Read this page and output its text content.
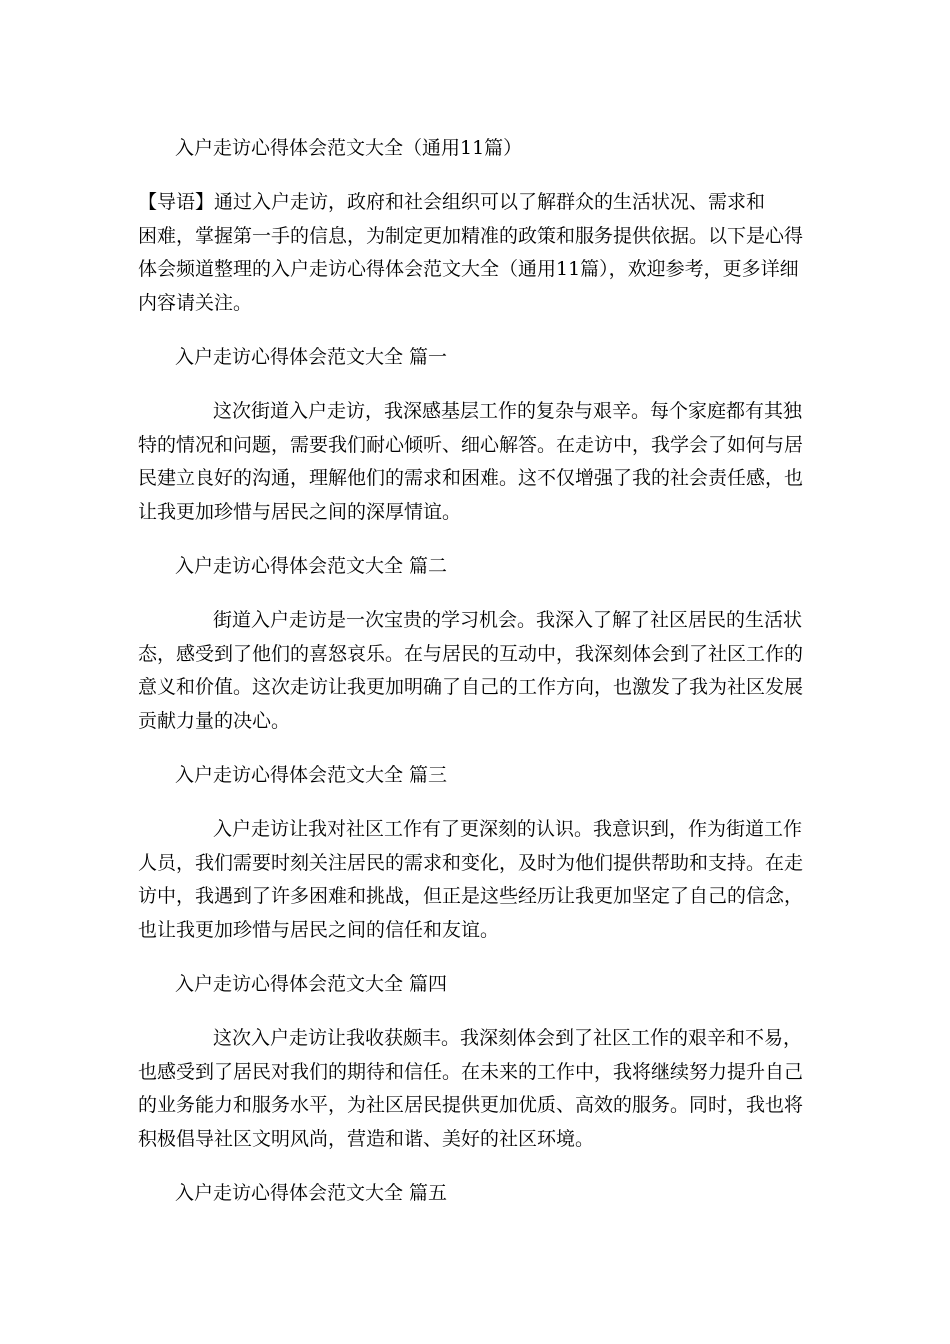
入户走访心得体会范文大全（通用11篇）
【导语】通过入户走访，政府和社会组织可以了解群众的生活状况、需求和
困难，掌握第一手的信息，为制定更加精准的政策和服务提供依据。以下是心得
体会频道整理的入户走访心得体会范文大全（通用11篇），欢迎参考，更多详细
内容请关注。
入户走访心得体会范文大全 篇一
这次街道入户走访，我深感基层工作的复杂与艰辛。每个家庭都有其独
特的情况和问题，需要我们耐心倾听、细心解答。在走访中，我学会了如何与居
民建立良好的沟通，理解他们的需求和困难。这不仅增强了我的社会责任感，也
让我更加珍惜与居民之间的深厚情谊。
入户走访心得体会范文大全 篇二
街道入户走访是一次宝贵的学习机会。我深入了解了社区居民的生活状
态，感受到了他们的喜怒哀乐。在与居民的互动中，我深刻体会到了社区工作的
意义和价值。这次走访让我更加明确了自己的工作方向，也激发了我为社区发展
贡献力量的决心。
入户走访心得体会范文大全 篇三
入户走访让我对社区工作有了更深刻的认识。我意识到，作为街道工作
人员，我们需要时刻关注居民的需求和变化，及时为他们提供帮助和支持。在走
访中，我遇到了许多困难和挑战，但正是这些经历让我更加坚定了自己的信念，
也让我更加珍惜与居民之间的信任和友谊。
入户走访心得体会范文大全 篇四
这次入户走访让我收获颇丰。我深刻体会到了社区工作的艰辛和不易，
也感受到了居民对我们的期待和信任。在未来的工作中，我将继续努力提升自己
的业务能力和服务水平，为社区居民提供更加优质、高效的服务。同时，我也将
积极倡导社区文明风尚，营造和谐、美好的社区环境。
入户走访心得体会范文大全 篇五
